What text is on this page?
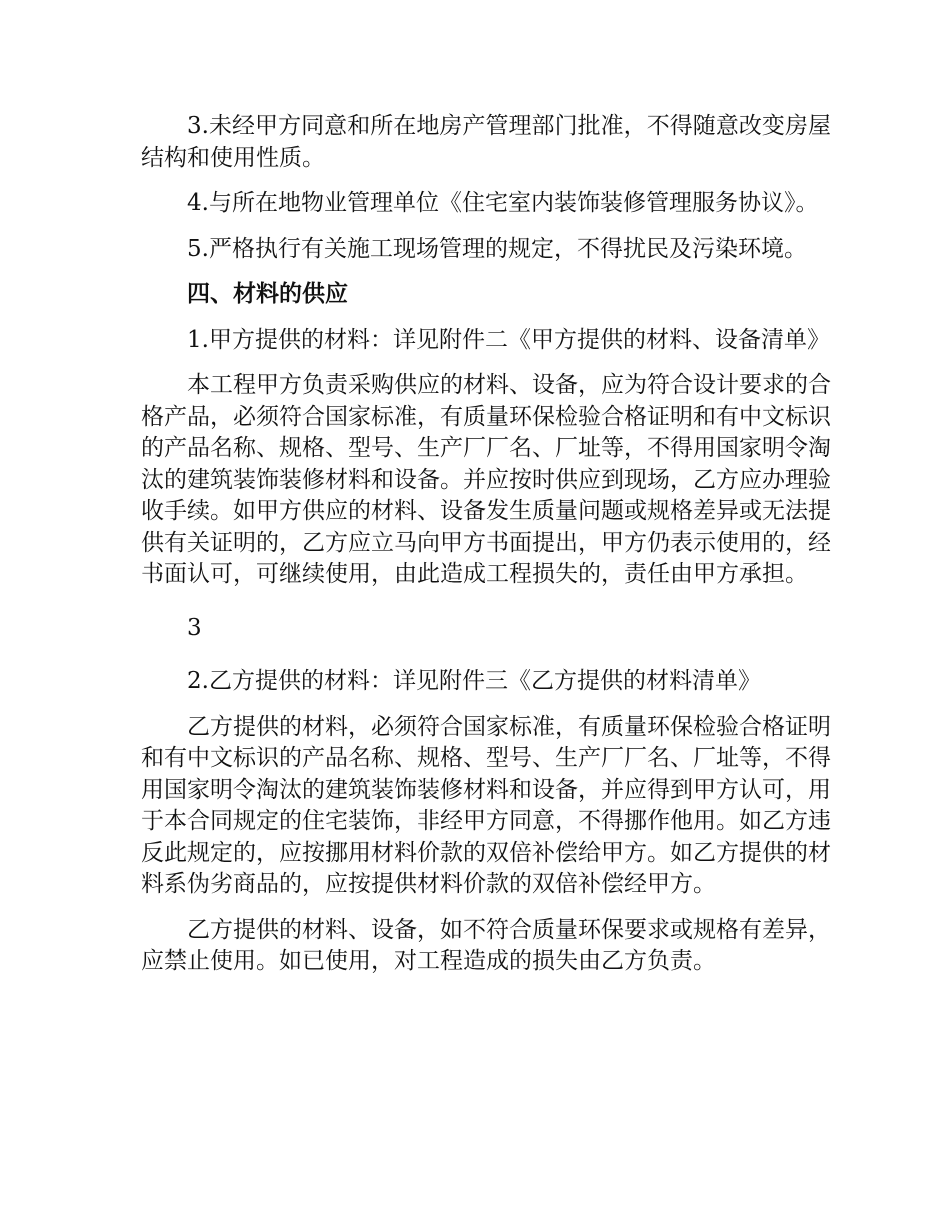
3.未经甲方同意和所在地房产管理部门批准，不得随意改变房屋结构和使用性质。

4.与所在地物业管理单位《住宅室内装饰装修管理服务协议》。

5.严格执行有关施工现场管理的规定，不得扰民及污染环境。

四、材料的供应

1.甲方提供的材料：详见附件二《甲方提供的材料、设备清单》

本工程甲方负责采购供应的材料、设备，应为符合设计要求的合格产品，必须符合国家标准，有质量环保检验合格证明和有中文标识的产品名称、规格、型号、生产厂厂名、厂址等，不得用国家明令淘汰的建筑装饰装修材料和设备。并应按时供应到现场，乙方应办理验收手续。如甲方供应的材料、设备发生质量问题或规格差异或无法提供有关证明的，乙方应立马向甲方书面提出，甲方仍表示使用的，经书面认可，可继续使用，由此造成工程损失的，责任由甲方承担。

3

2.乙方提供的材料：详见附件三《乙方提供的材料清单》

乙方提供的材料，必须符合国家标准，有质量环保检验合格证明和有中文标识的产品名称、规格、型号、生产厂厂名、厂址等，不得用国家明令淘汰的建筑装饰装修材料和设备，并应得到甲方认可，用于本合同规定的住宅装饰，非经甲方同意，不得挪作他用。如乙方违反此规定的，应按挪用材料价款的双倍补偿给甲方。如乙方提供的材料系伪劣商品的，应按提供材料价款的双倍补偿经甲方。

乙方提供的材料、设备，如不符合质量环保要求或规格有差异，应禁止使用。如已使用，对工程造成的损失由乙方负责。
